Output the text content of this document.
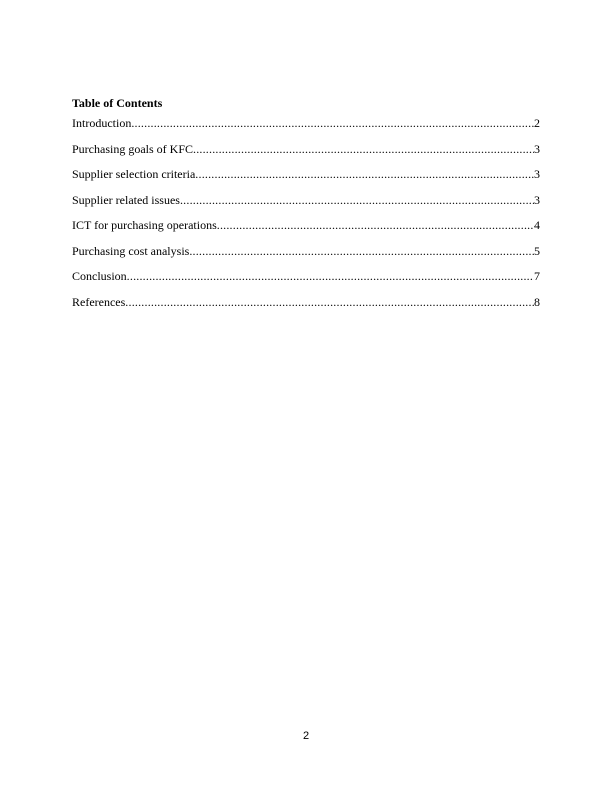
Table of Contents
Introduction .....	2
Purchasing goals of KFC .....	3
Supplier selection criteria .....	3
Supplier related issues .....	3
ICT for purchasing operations .....	4
Purchasing cost analysis .....	5
Conclusion .....	7
References .....	8
2
